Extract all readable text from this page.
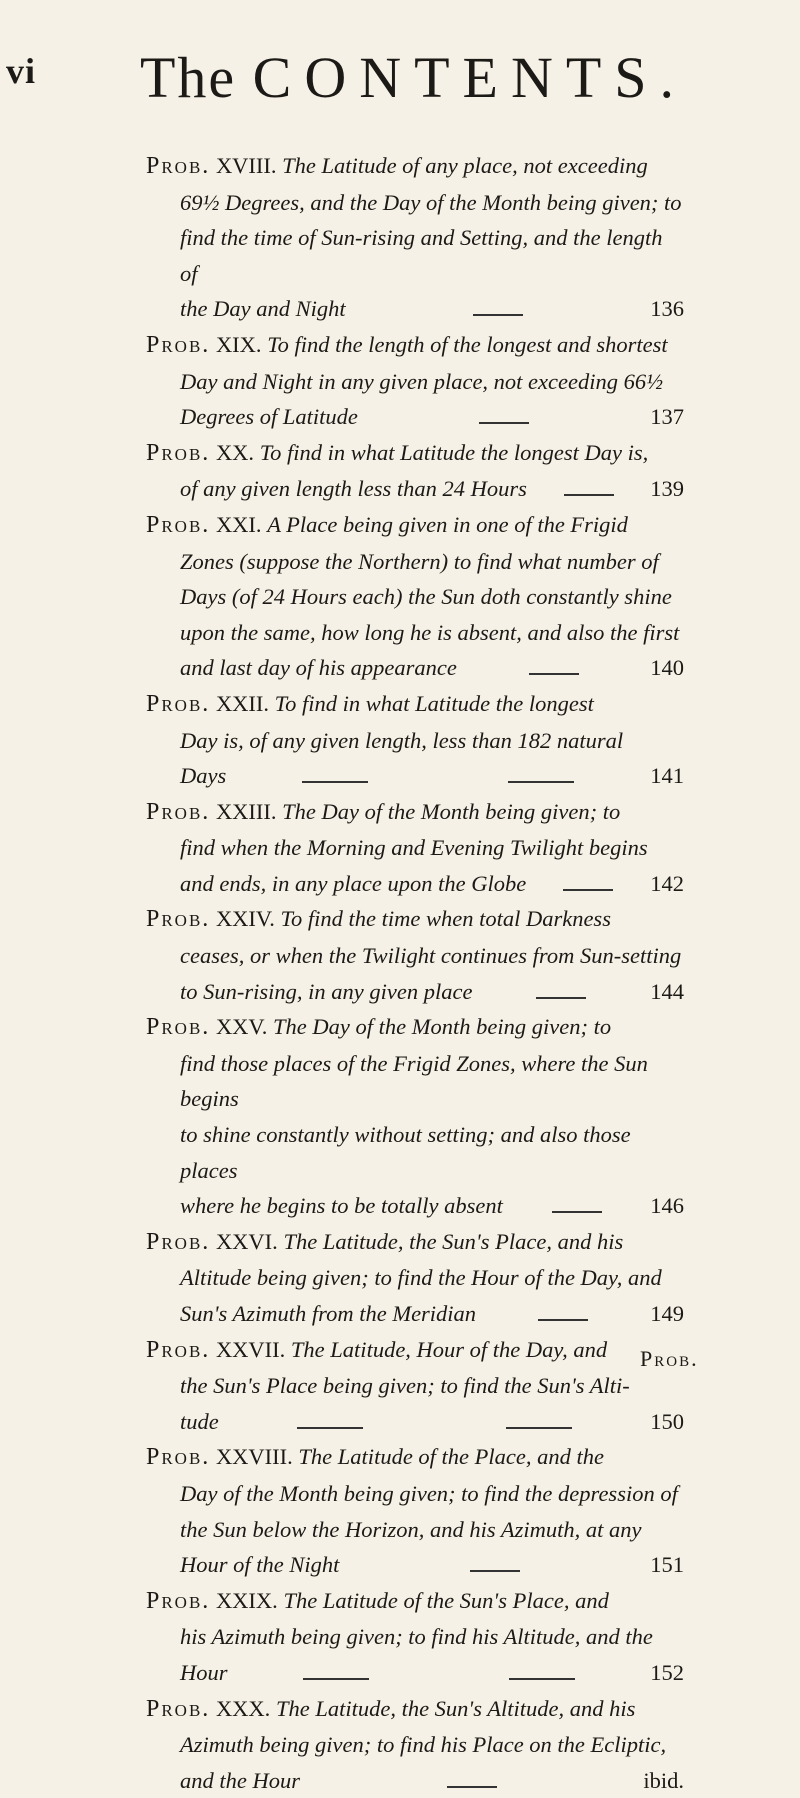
vi The CONTENTS.

Prob. XVIII. The Latitude of any place, not exceeding
69½ Degrees, and the Day of the Month being given; to
find the time of Sun-rising and Setting, and the length of

the Day and Night	136

Prob. XIX. To find the length of the longest and shortest
Day and Night in any given place, not exceeding 66½

Degrees of Latitude	137

Prob. XX. To find in what Latitude the longest Day is,

of any given length less than 24 Hours	139

Prob. XXI. A Place being given in one of the Frigid
Zones (suppose the Northern) to find what number of
Days (of 24 Hours each) the Sun doth constantly shine
upon the same, how long he is absent, and also the first

and last day of his appearance	140

Prob. XXII. To find in what Latitude the longest
Day is, of any given length, less than 182 natural

Days	141

Prob. XXIII. The Day of the Month being given; to
find when the Morning and Evening Twilight begins

and ends, in any place upon the Globe	142

Prob. XXIV. To find the time when total Darkness
ceases, or when the Twilight continues from Sun-setting

to Sun-rising, in any given place	144

Prob. XXV. The Day of the Month being given; to
find those places of the Frigid Zones, where the Sun begins
to shine constantly without setting; and also those places

where he begins to be totally absent	146

Prob. XXVI. The Latitude, the Sun's Place, and his
Altitude being given; to find the Hour of the Day, and

Sun's Azimuth from the Meridian	149

Prob. XXVII. The Latitude, Hour of the Day, and
the Sun's Place being given; to find the Sun's Alti-

tude	150

Prob. XXVIII. The Latitude of the Place, and the
Day of the Month being given; to find the depression of
the Sun below the Horizon, and his Azimuth, at any

Hour of the Night	151

Prob. XXIX. The Latitude of the Sun's Place, and
his Azimuth being given; to find his Altitude, and the

Hour	152

Prob. XXX. The Latitude, the Sun's Altitude, and his
Azimuth being given; to find his Place on the Ecliptic,

and the Hour	ibid.

Prob.
